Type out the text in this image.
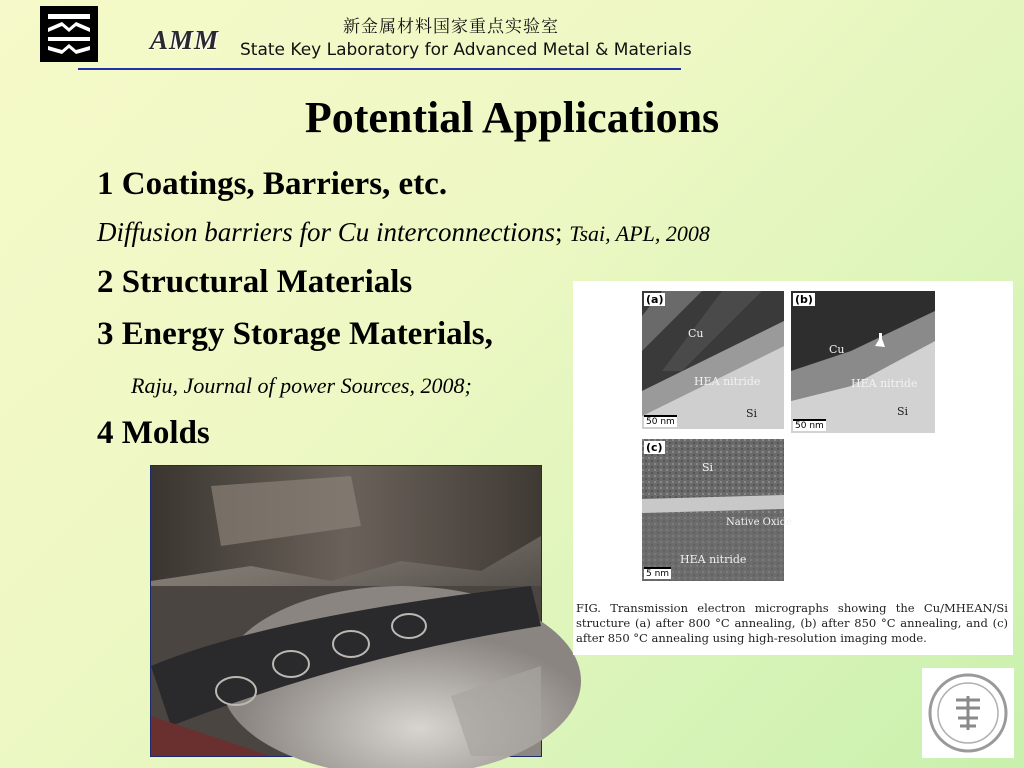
AMM	新金属材料国家重点实验室
State Key Laboratory for Advanced Metal & Materials
Potential Applications
1 Coatings, Barriers, etc.
Diffusion barriers for Cu interconnections; Tsai, APL, 2008
2 Structural Materials
3 Energy Storage Materials,
Raju, Journal of power Sources, 2008;
4 Molds
(a)
Cu
HEA nitride
Si
50 nm
(b)
Cu
HEA nitride
Si
50 nm
(c)
Si
Native Oxide
HEA nitride
5 nm
FIG. Transmission electron micrographs showing the Cu/MHEAN/Si structure (a) after 800 °C annealing, (b) after 850 °C annealing, and (c) after 850 °C annealing using high-resolution imaging mode.
